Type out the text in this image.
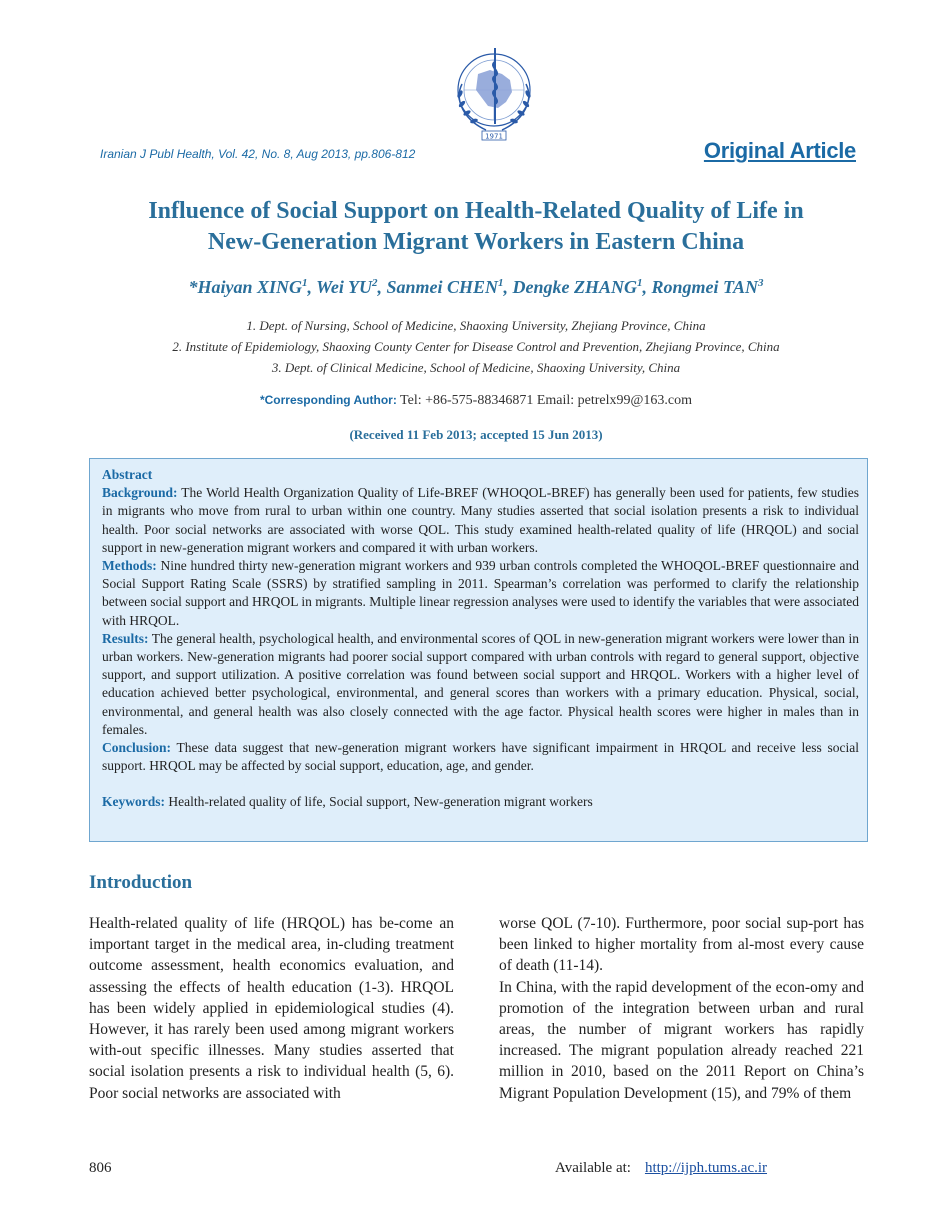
1971
Iranian J Publ Health, Vol. 42, No. 8, Aug 2013, pp.806-812	Original Article
Influence of Social Support on Health-Related Quality of Life in
New-Generation Migrant Workers in Eastern China
*Haiyan XING$^1$, Wei $YU^2$, Sanmei CHEN$^1$, Dengke ZHANG$^1$, Rongmei TAN$^3$
1. Dept. of Nursing, School of Medicine, Shaoxing University, Zhejiang Province, China
2. Institute of Epidemiology, Shaoxing County Center for Disease Control and Prevention, Zhejiang Province, China
3. Dept. of Clinical Medicine, School of Medicine, Shaoxing University, China
*Corresponding Author: Tel: +86-575-88346871 Email: petrelx99@163.com
(Received 11 Feb 2013; accepted 15 Jun 2013)

Abstract

Background: The World Health Organization Quality of Life-BREF (WHOQOL-BREF) has generally been used for patients, few studies in migrants who move from rural to urban within one country. Many studies asserted that social isolation presents a risk to individual health. Poor social networks are associated with worse QOL. This study examined health-related quality of life (HRQOL) and social support in new-generation migrant workers and compared it with urban workers.

Methods: Nine hundred thirty new-generation migrant workers and 939 urban controls completed the WHOQOL-BREF questionnaire and Social Support Rating Scale (SSRS) by stratified sampling in 2011. Spearman’s correlation was performed to clarify the relationship between social support and HRQOL in migrants. Multiple linear regression analyses were used to identify the variables that were associated with HRQOL.

Results: The general health, psychological health, and environmental scores of QOL in new-generation migrant workers were lower than in urban workers. New-generation migrants had poorer social support compared with urban controls with regard to general support, objective support, and support utilization. A positive correlation was found between social support and HRQOL. Workers with a higher level of education achieved better psychological, environmental, and general scores than workers with a primary education. Physical, social, environmental, and general health was also closely connected with the age factor. Physical health scores were higher in males than in females.

Conclusion: These data suggest that new-generation migrant workers have significant impairment in HRQOL and receive less social support. HRQOL may be affected by social support, education, age, and gender.

Keywords: Health-related quality of life, Social support, New-generation migrant workers

Introduction

Health-related quality of life (HRQOL) has be-come an important target in the medical area, in-cluding treatment outcome assessment, health economics evaluation, and assessing the effects of health education (1-3). HRQOL has been widely applied in epidemiological studies (4). However, it has rarely been used among migrant workers with-out specific illnesses. Many studies asserted that social isolation presents a risk to individual health (5, 6). Poor social networks are associated with

worse QOL (7-10). Furthermore, poor social sup-port has been linked to higher mortality from al-most every cause of death (11-14).

In China, with the rapid development of the econ-omy and promotion of the integration between urban and rural areas, the number of migrant workers has rapidly increased. The migrant population already reached 221 million in 2010, based on the 2011 Report on China’s Migrant Population Development (15), and 79% of them

806	Available at: http://ijph.tums.ac.ir
